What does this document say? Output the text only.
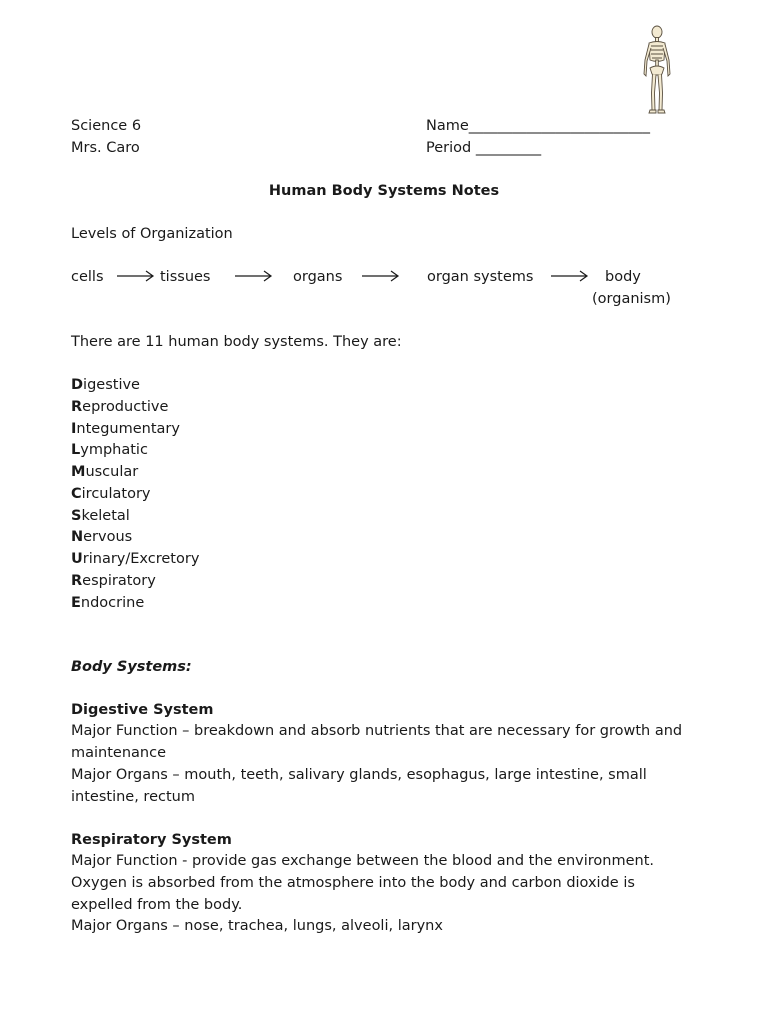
Science 6
Mrs. Caro
Name_________________________
Period _________
Human Body Systems Notes
Levels of Organization
cells	tissues	organs	organ systems	body
(organism)
There are 11 human body systems. They are:
Digestive
Reproductive
Integumentary
Lymphatic
Muscular
Circulatory
Skeletal
Nervous
Urinary/Excretory
Respiratory
Endocrine
Body Systems:
Digestive System
Major Function – breakdown and absorb nutrients that are necessary for growth and maintenance
Major Organs – mouth, teeth, salivary glands, esophagus, large intestine, small intestine, rectum
Respiratory System
Major Function - provide gas exchange between the blood and the environment. Oxygen is absorbed from the atmosphere into the body and carbon dioxide is expelled from the body.
Major Organs – nose, trachea, lungs, alveoli, larynx
